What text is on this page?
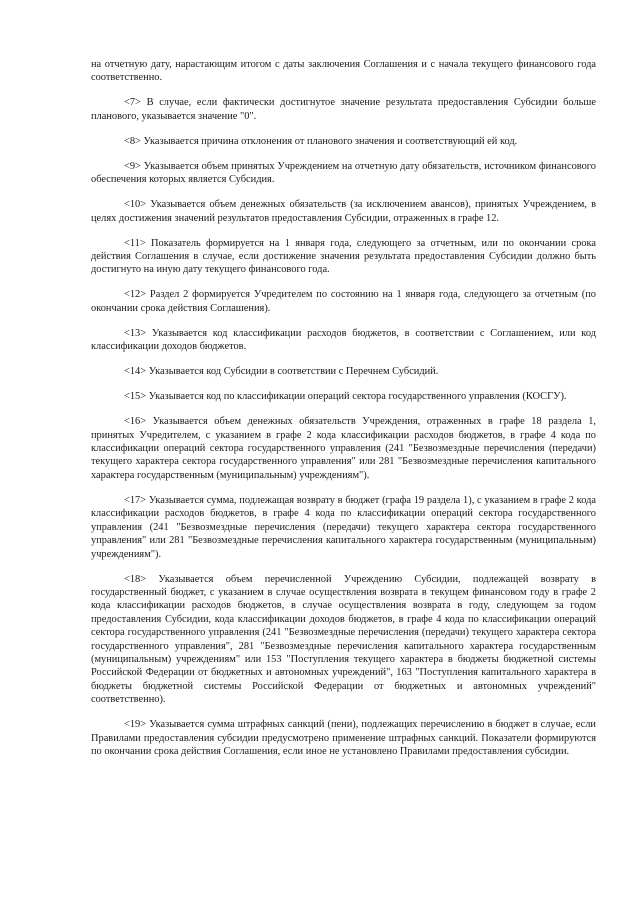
на отчетную дату, нарастающим итогом с даты заключения Соглашения и с начала текущего финансового года соответственно.

<7> В случае, если фактически достигнутое значение результата предоставления Субсидии больше планового, указывается значение "0".

<8> Указывается причина отклонения от планового значения и соответствующий ей код.

<9> Указывается объем принятых Учреждением на отчетную дату обязательств, источником финансового обеспечения которых является Субсидия.

<10> Указывается объем денежных обязательств (за исключением авансов), принятых Учреждением, в целях достижения значений результатов предоставления Субсидии, отраженных в графе 12.

<11> Показатель формируется на 1 января года, следующего за отчетным, или по окончании срока действия Соглашения в случае, если достижение значения результата предоставления Субсидии должно быть достигнуто на иную дату текущего финансового года.

<12> Раздел 2 формируется Учредителем по состоянию на 1 января года, следующего за отчетным (по окончании срока действия Соглашения).

<13> Указывается код классификации расходов бюджетов, в соответствии с Соглашением, или код классификации доходов бюджетов.

<14> Указывается код Субсидии в соответствии с Перечнем Субсидий.

<15> Указывается код по классификации операций сектора государственного управления (КОСГУ).

<16> Указывается объем денежных обязательств Учреждения, отраженных в графе 18 раздела 1, принятых Учредителем, с указанием в графе 2 кода классификации расходов бюджетов, в графе 4 кода по классификации операций сектора государственного управления (241 "Безвозмездные перечисления (передачи) текущего характера сектора государственного управления" или 281 "Безвозмездные перечисления капитального характера государственным (муниципальным) учреждениям").

<17> Указывается сумма, подлежащая возврату в бюджет (графа 19 раздела 1), с указанием в графе 2 кода классификации расходов бюджетов, в графе 4 кода по классификации операций сектора государственного управления (241 "Безвозмездные перечисления (передачи) текущего характера сектора государственного управления" или 281 "Безвозмездные перечисления капитального характера государственным (муниципальным) учреждениям").

<18> Указывается объем перечисленной Учреждению Субсидии, подлежащей возврату в государственный бюджет, с указанием в случае осуществления возврата в текущем финансовом году в графе 2 кода классификации расходов бюджетов, в случае осуществления возврата в году, следующем за годом предоставления Субсидии, кода классификации доходов бюджетов, в графе 4 кода по классификации операций сектора государственного управления (241 "Безвозмездные перечисления (передачи) текущего характера сектора государственного управления", 281 "Безвозмездные перечисления капитального характера государственным (муниципальным) учреждениям" или 153 "Поступления текущего характера в бюджеты бюджетной системы Российской Федерации от бюджетных и автономных учреждений", 163 "Поступления капитального характера в бюджеты бюджетной системы Российской Федерации от бюджетных и автономных учреждений" соответственно).

<19> Указывается сумма штрафных санкций (пени), подлежащих перечислению в бюджет в случае, если Правилами предоставления субсидии предусмотрено применение штрафных санкций. Показатели формируются по окончании срока действия Соглашения, если иное не установлено Правилами предоставления субсидии.
